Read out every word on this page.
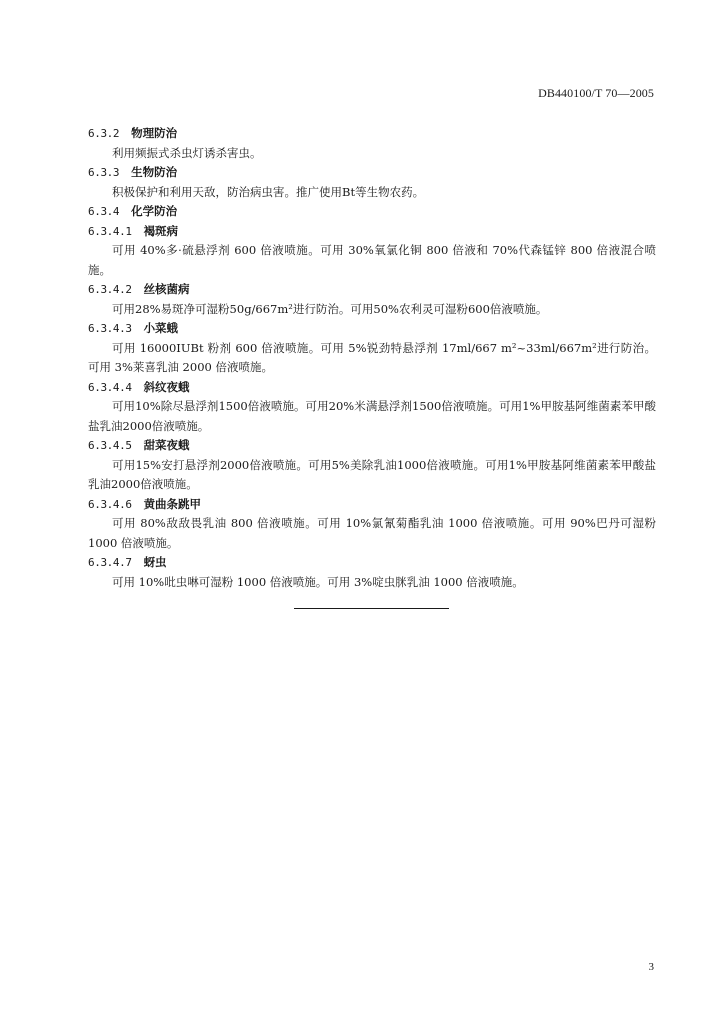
DB440100/T 70—2005
6.3.2 物理防治

利用频振式杀虫灯诱杀害虫。

6.3.3 生物防治

积极保护和利用天敌，防治病虫害。推广使用Bt等生物农药。

6.3.4 化学防治
6.3.4.1 褐斑病

可用 40%多·硫悬浮剂 600 倍液喷施。可用 30%氧氯化铜 800 倍液和 70%代森锰锌 800 倍液混合喷施。

6.3.4.2 丝核菌病

可用28%易斑净可湿粉50g/667m²进行防治。可用50%农利灵可湿粉600倍液喷施。

6.3.4.3 小菜蛾

可用 16000IUBt 粉剂 600 倍液喷施。可用 5%锐劲特悬浮剂 17ml/667 m²~33ml/667m²进行防治。可用 3%莱喜乳油 2000 倍液喷施。

6.3.4.4 斜纹夜蛾

可用10%除尽悬浮剂1500倍液喷施。可用20%米满悬浮剂1500倍液喷施。可用1%甲胺基阿维菌素苯甲酸盐乳油2000倍液喷施。

6.3.4.5 甜菜夜蛾

可用15%安打悬浮剂2000倍液喷施。可用5%美除乳油1000倍液喷施。可用1%甲胺基阿维菌素苯甲酸盐乳油2000倍液喷施。

6.3.4.6 黄曲条跳甲

可用 80%敌敌畏乳油 800 倍液喷施。可用 10%氯氰菊酯乳油 1000 倍液喷施。可用 90%巴丹可湿粉 1000 倍液喷施。

6.3.4.7 蚜虫

可用 10%吡虫啉可湿粉 1000 倍液喷施。可用 3%啶虫脒乳油 1000 倍液喷施。

3
